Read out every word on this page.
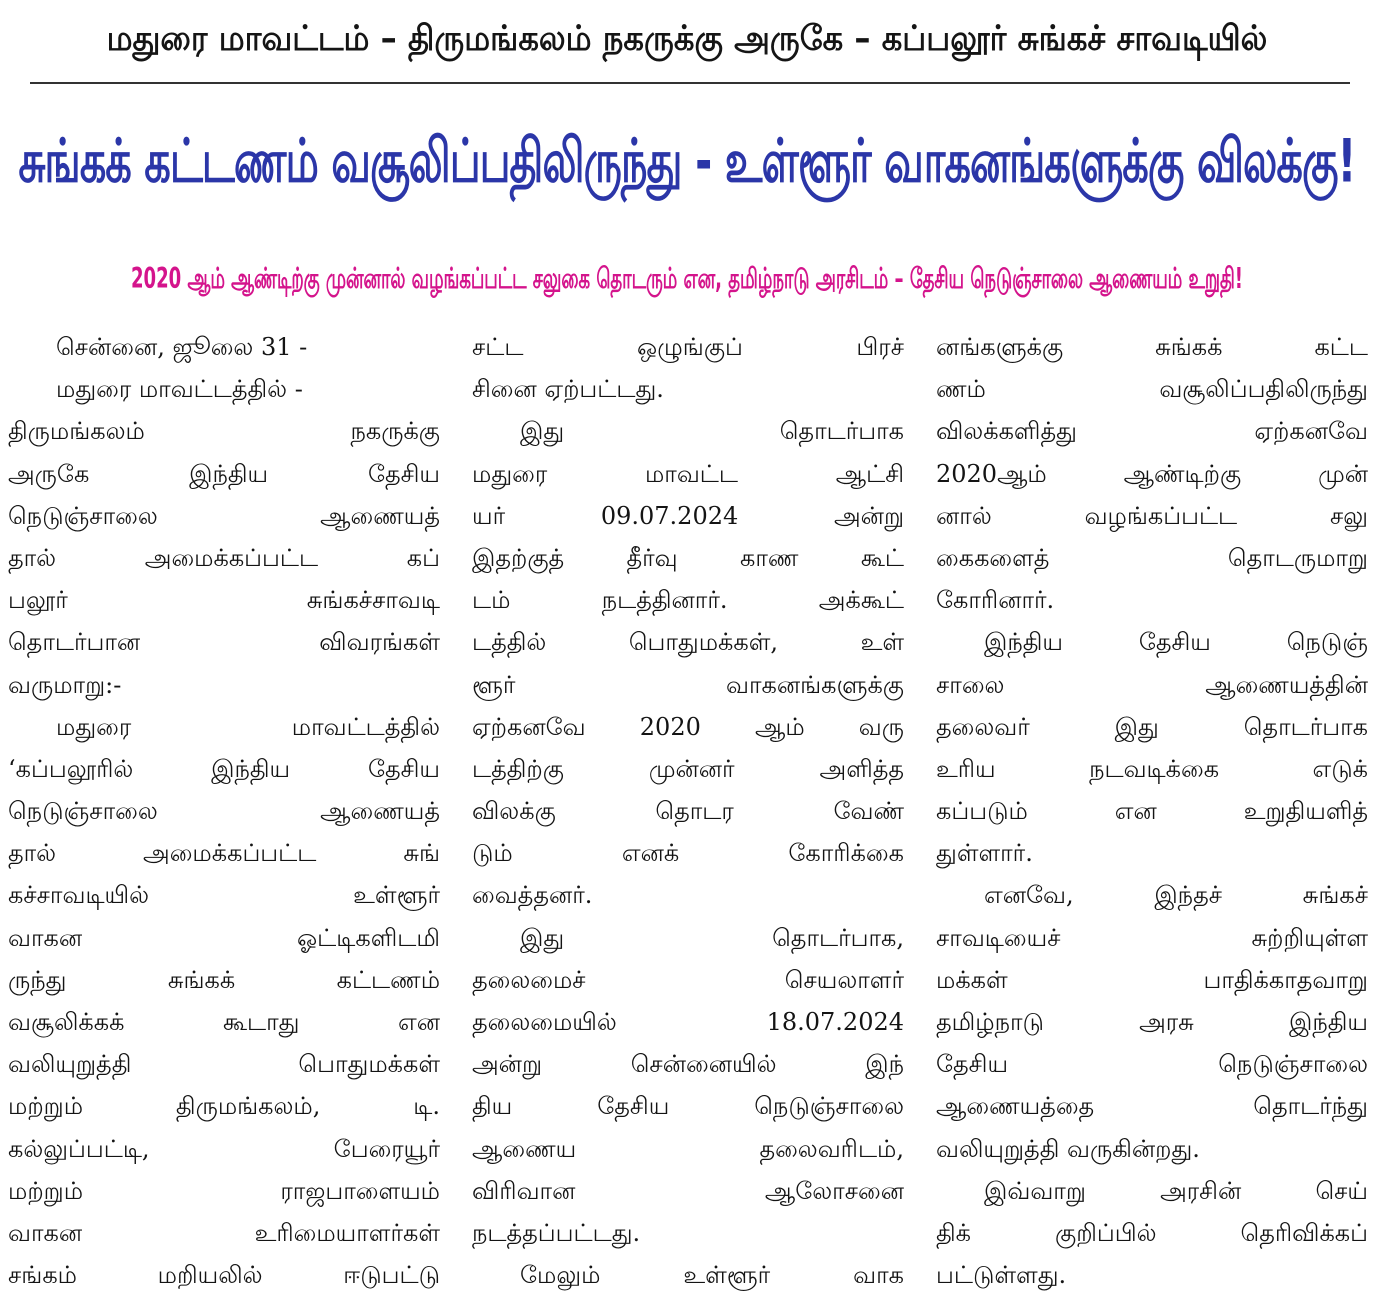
மதுரை மாவட்டம் – திருமங்கலம் நகருக்கு அருகே – கப்பலூர் சுங்கச் சாவடியில்
சுங்கக் கட்டணம் வசூலிப்பதிலிருந்து - உள்ளூர் வாகனங்களுக்கு விலக்கு!
2020 ஆம் ஆண்டிற்கு முன்னால் வழங்கப்பட்ட சலுகை தொடரும் என, தமிழ்நாடு அரசிடம் – தேசிய நெடுஞ்சாலை ஆணையம் உறுதி!
சென்னை, ஜூலை 31 -
மதுரை மாவட்டத்தில் -
திருமங்கலம் நகருக்கு
அருகே இந்திய தேசிய
நெடுஞ்சாலை ஆணையத்
தால் அமைக்கப்பட்ட கப்
பலூர் சுங்கச்சாவடி
தொடர்பான விவரங்கள்
வருமாறு:-
மதுரை மாவட்டத்தில்
‘கப்பலூரில் இந்திய தேசிய
நெடுஞ்சாலை ஆணையத்
தால் அமைக்கப்பட்ட சுங்
கச்சாவடியில் உள்ளூர்
வாகன ஓட்டிகளிடமி
ருந்து சுங்கக் கட்டணம்
வசூலிக்கக் கூடாது என
வலியுறுத்தி பொதுமக்கள்
மற்றும் திருமங்கலம், டி.
கல்லுப்பட்டி, பேரையூர்
மற்றும் ராஜபாளையம்
வாகன உரிமையாளர்கள்
சங்கம் மறியலில் ஈடுபட்டு
சட்ட ஒழுங்குப் பிரச்
சினை ஏற்பட்டது.
இது தொடர்பாக
மதுரை மாவட்ட ஆட்சி
யர் 09.07.2024 அன்று
இதற்குத் தீர்வு காண கூட்
டம் நடத்தினார். அக்கூட்
டத்தில் பொதுமக்கள், உள்
ளூர் வாகனங்களுக்கு
ஏற்கனவே 2020 ஆம் வரு
டத்திற்கு முன்னர் அளித்த
விலக்கு தொடர வேண்
டும் எனக் கோரிக்கை
வைத்தனர்.
இது தொடர்பாக,
தலைமைச் செயலாளர்
தலைமையில் 18.07.2024
அன்று சென்னையில் இந்
திய தேசிய நெடுஞ்சாலை
ஆணைய தலைவரிடம்,
விரிவான ஆலோசனை
நடத்தப்பட்டது.
மேலும் உள்ளூர் வாக
னங்களுக்கு சுங்கக் கட்ட
ணம் வசூலிப்பதிலிருந்து
விலக்களித்து ஏற்கனவே
2020ஆம் ஆண்டிற்கு முன்
னால் வழங்கப்பட்ட சலு
கைகளைத் தொடருமாறு
கோரினார்.
இந்திய தேசிய நெடுஞ்
சாலை ஆணையத்தின்
தலைவர் இது தொடர்பாக
உரிய நடவடிக்கை எடுக்
கப்படும் என உறுதியளித்
துள்ளார்.
எனவே, இந்தச் சுங்கச்
சாவடியைச் சுற்றியுள்ள
மக்கள் பாதிக்காதவாறு
தமிழ்நாடு அரசு இந்திய
தேசிய நெடுஞ்சாலை
ஆணையத்தை தொடர்ந்து
வலியுறுத்தி வருகின்றது.
இவ்வாறு அரசின் செய்
திக் குறிப்பில் தெரிவிக்கப்
பட்டுள்ளது.
